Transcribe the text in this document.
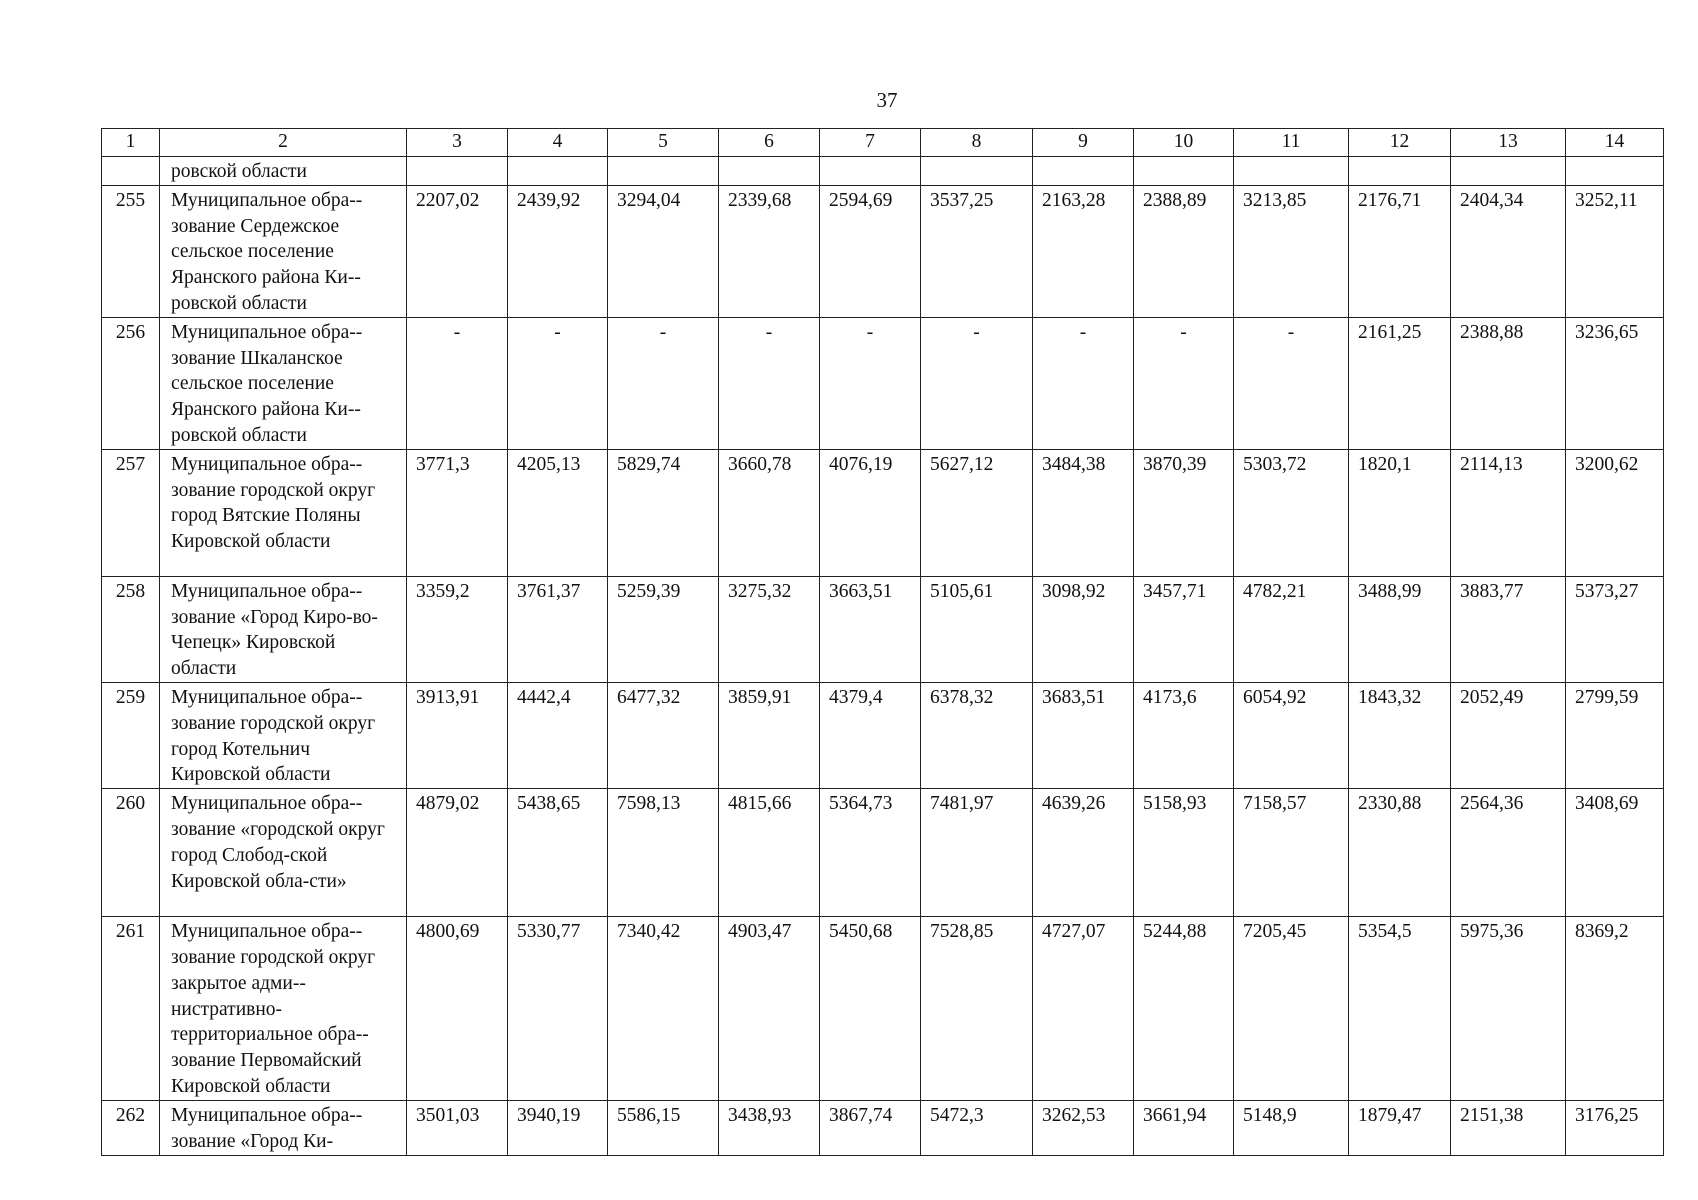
37
1	2	3	4	5	6	7	8	9	10	11	12	13	14
	ровской области												
255	Муниципальное обра-зование Сердежское сельское поселение Яранского района Ки-ровской области	2207,02	2439,92	3294,04	2339,68	2594,69	3537,25	2163,28	2388,89	3213,85	2176,71	2404,34	3252,11
256	Муниципальное обра-зование Шкаланское сельское поселение Яранского района Ки-ровской области	-	-	-	-	-	-	-	-	-	2161,25	2388,88	3236,65
257	Муниципальное обра-зование городской округ город Вятские Поляны Кировской области	3771,3	4205,13	5829,74	3660,78	4076,19	5627,12	3484,38	3870,39	5303,72	1820,1	2114,13	3200,62
258	Муниципальное обра-зование «Город Киро-во-Чепецк» Кировской области	3359,2	3761,37	5259,39	3275,32	3663,51	5105,61	3098,92	3457,71	4782,21	3488,99	3883,77	5373,27
259	Муниципальное обра-зование городской округ город Котельнич Кировской области	3913,91	4442,4	6477,32	3859,91	4379,4	6378,32	3683,51	4173,6	6054,92	1843,32	2052,49	2799,59
260	Муниципальное обра-зование «городской округ город Слобод-ской Кировской обла-сти»	4879,02	5438,65	7598,13	4815,66	5364,73	7481,97	4639,26	5158,93	7158,57	2330,88	2564,36	3408,69
261	Муниципальное обра-зование городской округ закрытое адми-нистративно-территориальное обра-зование Первомайский Кировской области	4800,69	5330,77	7340,42	4903,47	5450,68	7528,85	4727,07	5244,88	7205,45	5354,5	5975,36	8369,2
262	Муниципальное обра-зование «Город Ки-	3501,03	3940,19	5586,15	3438,93	3867,74	5472,3	3262,53	3661,94	5148,9	1879,47	2151,38	3176,25
